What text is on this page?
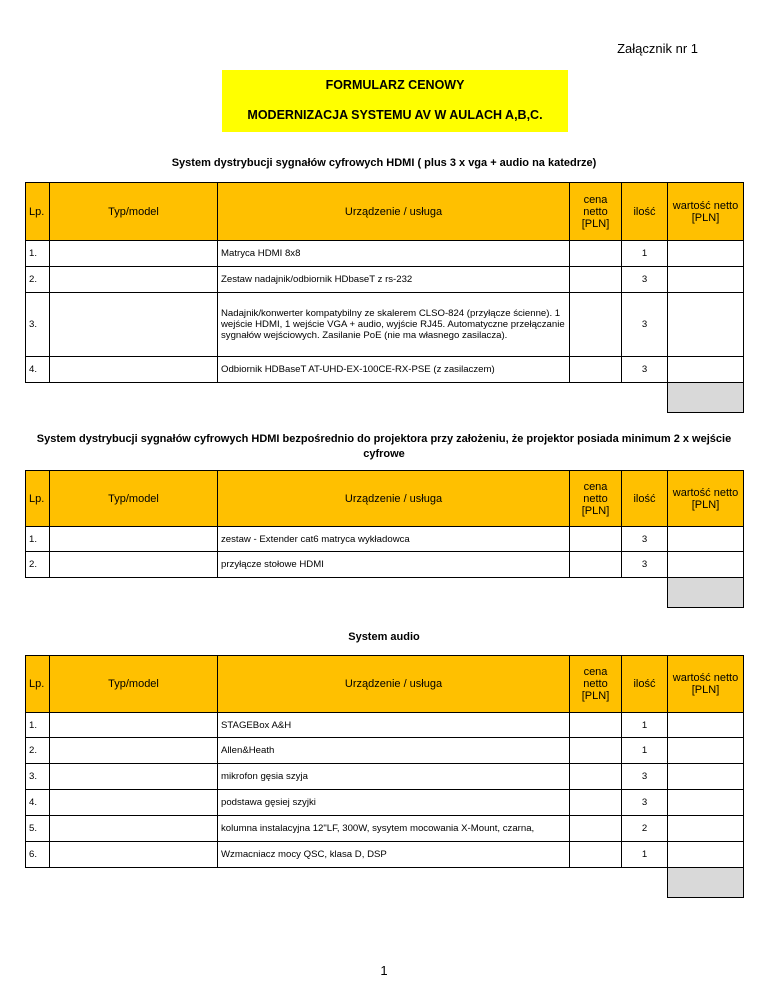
Załącznik nr 1
FORMULARZ CENOWY
MODERNIZACJA SYSTEMU AV W AULACH A,B,C.
System dystrybucji sygnałów cyfrowych HDMI ( plus 3 x vga + audio na katedrze)
Lp.	Typ/model	Urządzenie / usługa	cena netto [PLN]	ilość	wartość netto [PLN]
1.		Matryca HDMI 8x8		1	
2.		Zestaw nadajnik/odbiornik HDbaseT z rs-232		3	
3.		Nadajnik/konwerter kompatybilny ze skalerem CLSO-824 (przyłącze ścienne). 1 wejście HDMI, 1 wejście VGA + audio, wyjście RJ45. Automatyczne przełączanie sygnałów wejściowych. Zasilanie PoE (nie ma własnego zasilacza).		3	
4.		Odbiornik HDBaseT AT-UHD-EX-100CE-RX-PSE (z zasilaczem)		3	

System dystrybucji sygnałów cyfrowych HDMI bezpośrednio do projektora przy założeniu, że projektor posiada minimum 2 x wejście cyfrowe
Lp.	Typ/model	Urządzenie / usługa	cena netto [PLN]	ilość	wartość netto [PLN]
1.		zestaw - Extender cat6 matryca wykładowca		3	
2.		przyłącze stołowe HDMI		3	

System audio
Lp.	Typ/model	Urządzenie / usługa	cena netto [PLN]	ilość	wartość netto [PLN]
1.		STAGEBox A&H		1	
2.		Allen&Heath		1	
3.		mikrofon gęsia szyja		3	
4.		podstawa gęsiej szyjki		3	
5.		kolumna instalacyjna 12"LF, 300W, sysytem mocowania X-Mount, czarna,		2	
6.		Wzmacniacz mocy QSC, klasa D, DSP		1	

1
